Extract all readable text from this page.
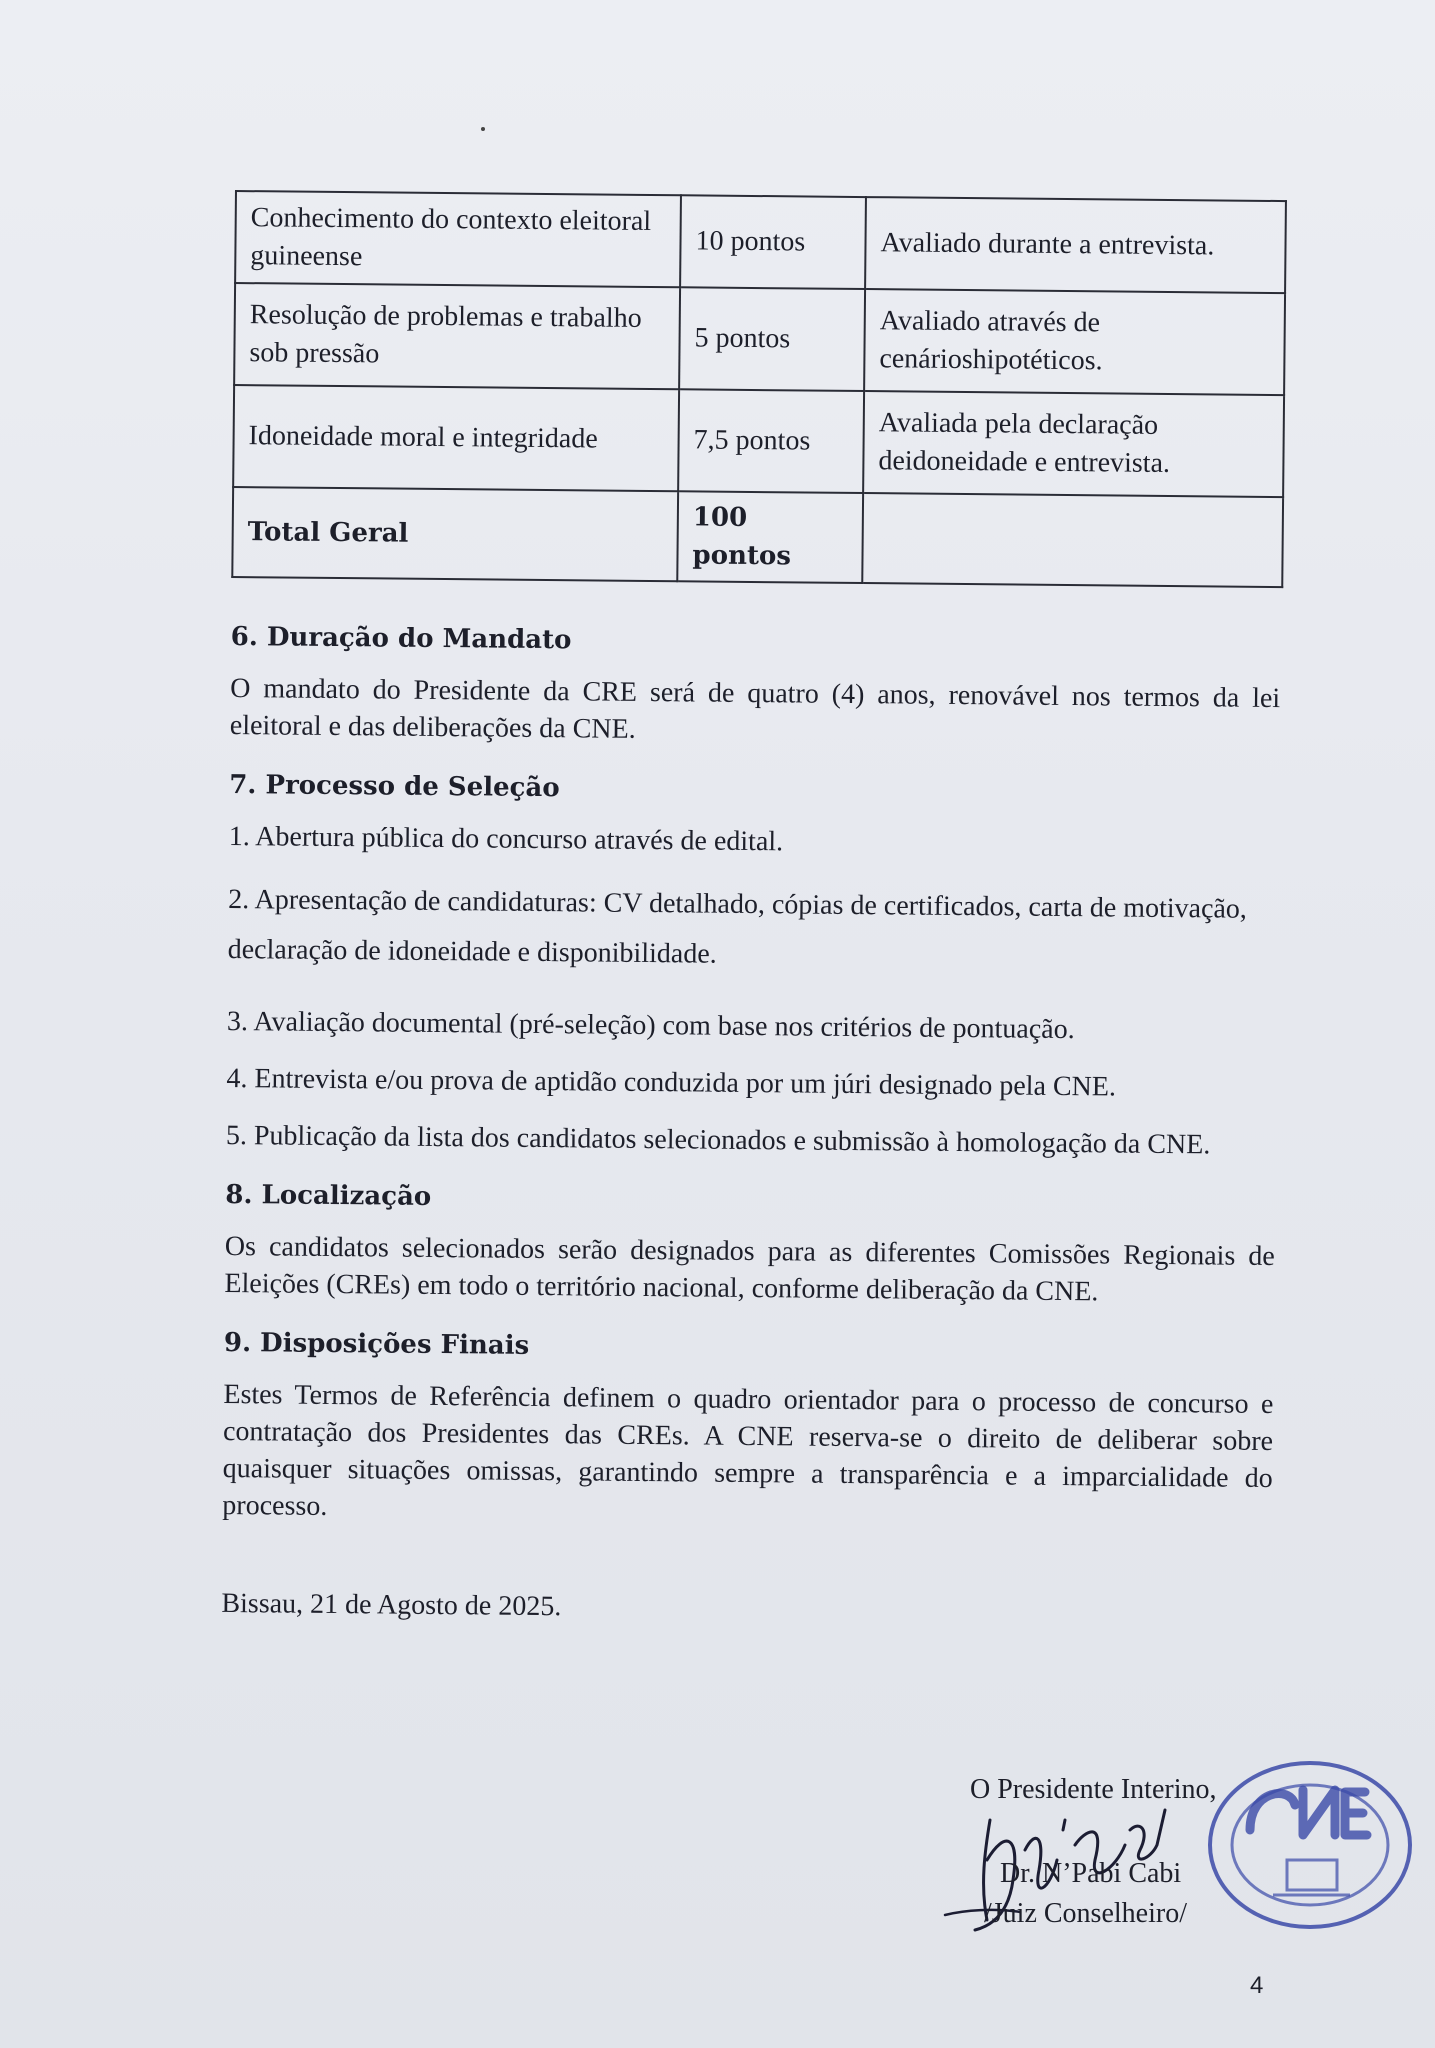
Conhecimento do contexto eleitoral guineense	10 pontos	Avaliado durante a entrevista.
Resolução de problemas e trabalho sob pressão	5 pontos	Avaliado através de cenárioshipotéticos.
Idoneidade moral e integridade	7,5 pontos	Avaliada pela declaração deidoneidade e entrevista.
Total Geral	100 pontos	
6. Duração do Mandato

O mandato do Presidente da CRE será de quatro (4) anos, renovável nos termos da lei eleitoral e das deliberações da CNE.

7. Processo de Seleção

1. Abertura pública do concurso através de edital.

2. Apresentação de candidaturas: CV detalhado, cópias de certificados, carta de motivação, declaração de idoneidade e disponibilidade.

3. Avaliação documental (pré-seleção) com base nos critérios de pontuação.

4. Entrevista e/ou prova de aptidão conduzida por um júri designado pela CNE.

5. Publicação da lista dos candidatos selecionados e submissão à homologação da CNE.

8. Localização

Os candidatos selecionados serão designados para as diferentes Comissões Regionais de Eleições (CREs) em todo o território nacional, conforme deliberação da CNE.

9. Disposições Finais

Estes Termos de Referência definem o quadro orientador para o processo de concurso e contratação dos Presidentes das CREs. A CNE reserva-se o direito de deliberar sobre quaisquer situações omissas, garantindo sempre a transparência e a imparcialidade do processo.

Bissau, 21 de Agosto de 2025.
O Presidente Interino,
Dr. N’Pabi Cabi
/Juiz Conselheiro/
4
